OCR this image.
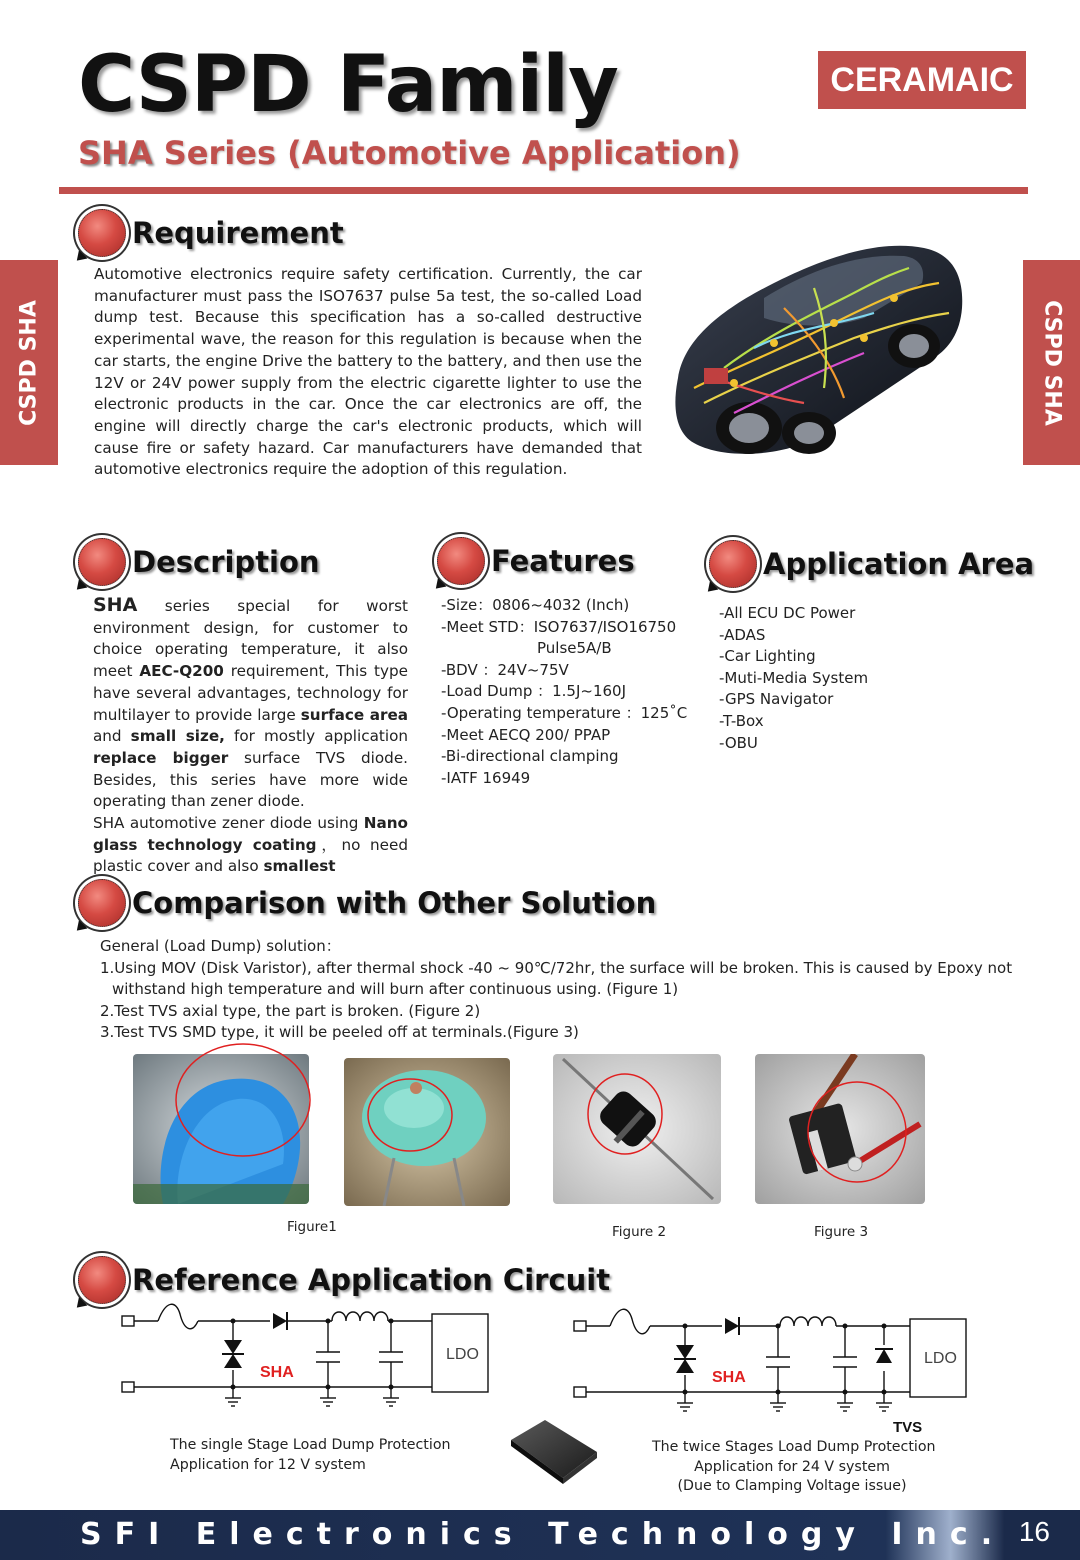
CSPD Family
SHA Series (Automotive Application)
CERAMAIC
CSPD SHA	CSPD SHA
Requirement
Automotive electronics require safety certification. Currently, the car manufacturer must pass the ISO7637 pulse 5a test, the so-called Load dump test. Because this specification has a so-called destructive experimental wave, the reason for this regulation is because when the car starts, the engine Drive the battery to the battery, and then use the 12V or 24V power supply from the electric cigarette lighter to use the electronic products in the car. Once the car electronics are off, the engine will directly charge the car's electronic products, which will cause fire or safety hazard. Car manufacturers have demanded that automotive electronics require the adoption of this regulation.
Description
SHA series special for worst environment design, for customer to choice operating temperature, it also meet AEC-Q200 requirement, This type have several advantages, technology for multilayer to provide large surface area and small size, for mostly application replace bigger surface TVS diode. Besides, this series have more wide operating than zener diode.
SHA automotive zener diode using Nano glass technology coating，no need plastic cover and also smallest
Features
-Size：0806~4032 (Inch)
-Meet STD：ISO7637/ISO16750
Pulse5A/B
-BDV ：24V~75V
-Load Dump ：1.5J~160J
-Operating temperature ：125˚C
-Meet AECQ 200/ PPAP
-Bi-directional clamping
-IATF 16949
Application Area
-All ECU DC Power
-ADAS
-Car Lighting
-Muti-Media System
-GPS Navigator
-T-Box
-OBU
Comparison with Other Solution
General (Load Dump) solution：
1.Using MOV (Disk Varistor), after thermal shock -40 ~ 90℃/72hr, the surface will be broken. This is caused by Epoxy not
withstand high temperature and will burn after continuous using. (Figure 1)
2.Test TVS axial type, the part is broken. (Figure 2)
3.Test TVS SMD type, it will be peeled off at terminals.(Figure 3)
Figure1	Figure 2	Figure 3
Reference Application Circuit
LDO
SHA
LDO
SHA
TVS
The single Stage Load Dump Protection
Application for 12 V system
The twice Stages Load Dump Protection
Application for 24 V system
(Due to Clamping Voltage issue)
SFI Electronics Technology Inc. 16
